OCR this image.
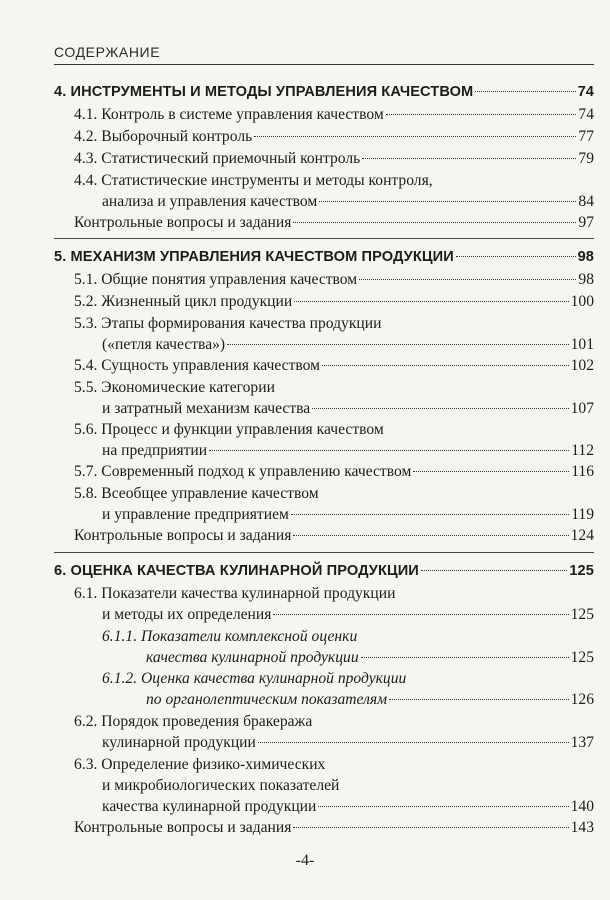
СОДЕРЖАНИЕ
4. ИНСТРУМЕНТЫ И МЕТОДЫ УПРАВЛЕНИЯ КАЧЕСТВОМ	74
4.1. Контроль в системе управления качеством	74
4.2. Выборочный контроль	77
4.3. Статистический приемочный контроль	79
4.4. Статистические инструменты и методы контроля,
анализа и управления качеством	84
Контрольные вопросы и задания	97
5. МЕХАНИЗМ УПРАВЛЕНИЯ КАЧЕСТВОМ ПРОДУКЦИИ	98
5.1. Общие понятия управления качеством	98
5.2. Жизненный цикл продукции	100
5.3. Этапы формирования качества продукции
(«петля качества»)	101
5.4. Сущность управления качеством	102
5.5. Экономические категории
и затратный механизм качества	107
5.6. Процесс и функции управления качеством
на предприятии	112
5.7. Современный подход к управлению качеством	116
5.8. Всеобщее управление качеством
и управление предприятием	119
Контрольные вопросы и задания	124
6. ОЦЕНКА КАЧЕСТВА КУЛИНАРНОЙ ПРОДУКЦИИ	125
6.1. Показатели качества кулинарной продукции
и методы их определения	125
6.1.1. Показатели комплексной оценки
качества кулинарной продукции	125
6.1.2. Оценка качества кулинарной продукции
по органолептическим показателям	126
6.2. Порядок проведения бракеража
кулинарной продукции	137
6.3. Определение физико-химических
и микробиологических показателей
качества кулинарной продукции	140
Контрольные вопросы и задания	143
-4-
